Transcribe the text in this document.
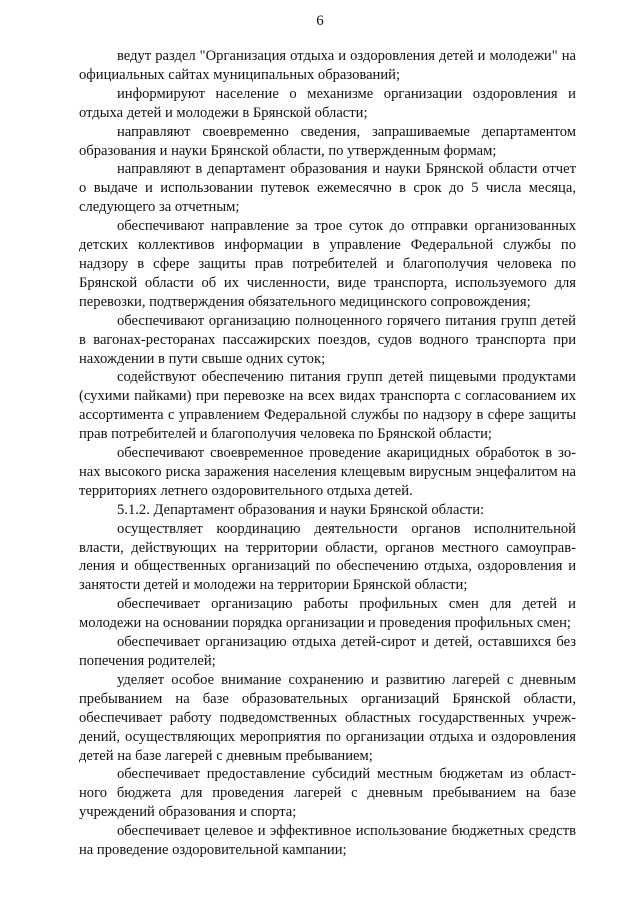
6

ведут раздел "Организация отдыха и оздоровления детей и молодежи" на официальных сайтах муниципальных образований;

информируют население о механизме организации оздоровления и отдыха детей и молодежи в Брянской области;

направляют своевременно сведения, запрашиваемые департаментом образования и науки Брянской области, по утвержденным формам;

направляют в департамент образования и науки Брянской области отчет о выдаче и использовании путевок ежемесячно в срок до 5 числа месяца, следующего за отчетным;

обеспечивают направление за трое суток до отправки организованных детских коллективов информации в управление Федеральной службы по надзору в сфере защиты прав потребителей и благополучия человека по Брянской области об их численности, виде транспорта, используемого для перевозки, подтверждения обязательного медицинского сопровождения;

обеспечивают организацию полноценного горячего питания групп детей в вагонах-ресторанах пассажирских поездов, судов водного транспорта при нахождении в пути свыше одних суток;

содействуют обеспечению питания групп детей пищевыми продуктами (сухими пайками) при перевозке на всех видах транспорта с согласованием их ассортимента с управлением Федеральной службы по надзору в сфере защиты прав потребителей и благополучия человека по Брянской области;

обеспечивают своевременное проведение акарицидных обработок в зонах высокого риска заражения населения клещевым вирусным энцефалитом на территориях летнего оздоровительного отдыха детей.

5.1.2. Департамент образования и науки Брянской области:

осуществляет координацию деятельности органов исполнительной власти, действующих на территории области, органов местного самоуправления и общественных организаций по обеспечению отдыха, оздоровления и занятости детей и молодежи на территории Брянской области;

обеспечивает организацию работы профильных смен для детей и молодежи на основании порядка организации и проведения профильных смен;

обеспечивает организацию отдыха детей-сирот и детей, оставшихся без попечения родителей;

уделяет особое внимание сохранению и развитию лагерей с дневным пребыванием на базе образовательных организаций Брянской области, обеспечивает работу подведомственных областных государственных учреждений, осуществляющих мероприятия по организации отдыха и оздоровления детей на базе лагерей с дневным пребыванием;

обеспечивает предоставление субсидий местным бюджетам из областного бюджета для проведения лагерей с дневным пребыванием на базе учреждений образования и спорта;

обеспечивает целевое и эффективное использование бюджетных средств на проведение оздоровительной кампании;
